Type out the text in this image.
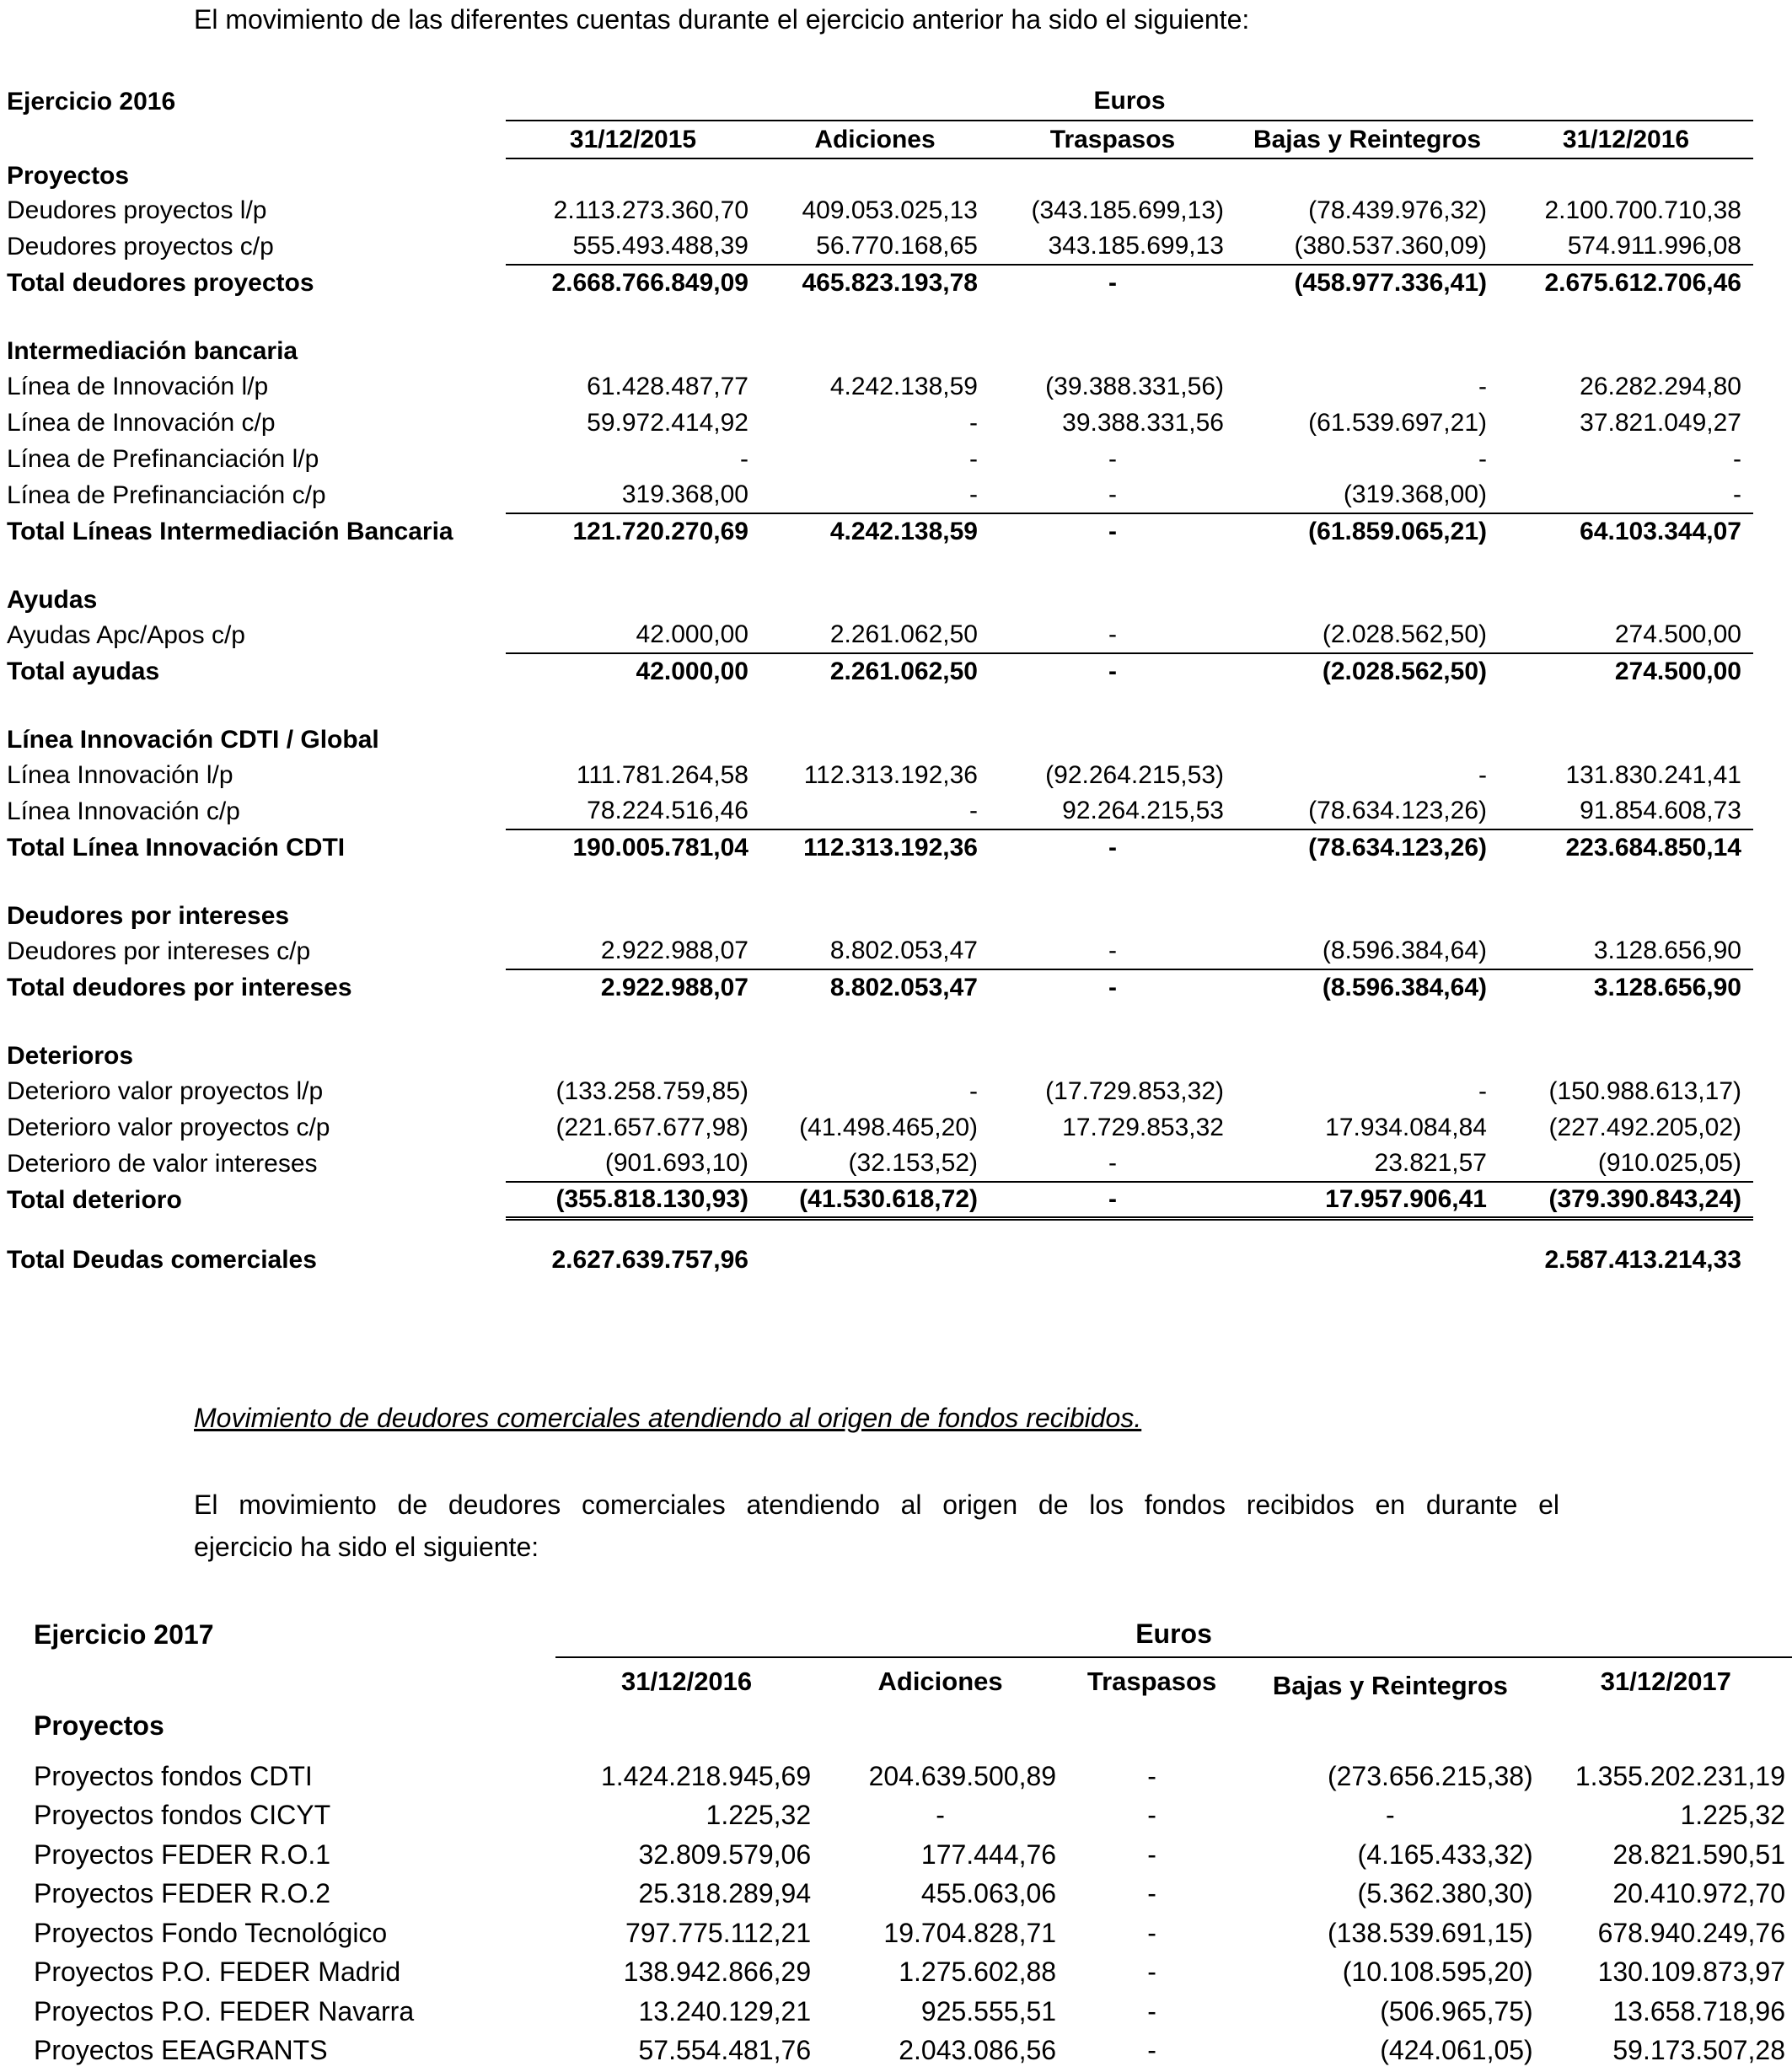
El movimiento de las diferentes cuentas durante el ejercicio anterior ha sido el siguiente:
Ejercicio 2016	Euros				
	31/12/2015	Adiciones	Traspasos	Bajas y Reintegros	31/12/2016
Proyectos					
Deudores proyectos l/p	2.113.273.360,70	409.053.025,13	(343.185.699,13)	(78.439.976,32)	2.100.700.710,38
Deudores proyectos c/p	555.493.488,39	56.770.168,65	343.185.699,13	(380.537.360,09)	574.911.996,08
Total deudores proyectos	2.668.766.849,09	465.823.193,78	-	(458.977.336,41)	2.675.612.706,46

Intermediación bancaria					
Línea de Innovación l/p	61.428.487,77	4.242.138,59	(39.388.331,56)	-	26.282.294,80
Línea de Innovación c/p	59.972.414,92	-	39.388.331,56	(61.539.697,21)	37.821.049,27
Línea de Prefinanciación l/p	-	-	-	-	-
Línea de Prefinanciación c/p	319.368,00	-	-	(319.368,00)	-
Total Líneas Intermediación Bancaria	121.720.270,69	4.242.138,59	-	(61.859.065,21)	64.103.344,07

Ayudas					
Ayudas Apc/Apos c/p	42.000,00	2.261.062,50	-	(2.028.562,50)	274.500,00
Total ayudas	42.000,00	2.261.062,50	-	(2.028.562,50)	274.500,00

Línea Innovación CDTI / Global					
Línea Innovación l/p	111.781.264,58	112.313.192,36	(92.264.215,53)	-	131.830.241,41
Línea Innovación c/p	78.224.516,46	-	92.264.215,53	(78.634.123,26)	91.854.608,73
Total Línea Innovación CDTI	190.005.781,04	112.313.192,36	-	(78.634.123,26)	223.684.850,14

Deudores por intereses					
Deudores por intereses c/p	2.922.988,07	8.802.053,47	-	(8.596.384,64)	3.128.656,90
Total deudores por intereses	2.922.988,07	8.802.053,47	-	(8.596.384,64)	3.128.656,90

Deterioros					
Deterioro valor proyectos l/p	(133.258.759,85)	-	(17.729.853,32)	-	(150.988.613,17)
Deterioro valor proyectos c/p	(221.657.677,98)	(41.498.465,20)	17.729.853,32	17.934.084,84	(227.492.205,02)
Deterioro de valor intereses	(901.693,10)	(32.153,52)	-	23.821,57	(910.025,05)
Total deterioro	(355.818.130,93)	(41.530.618,72)	-	17.957.906,41	(379.390.843,24)

Total Deudas comerciales	2.627.639.757,96				2.587.413.214,33
Movimiento de deudores comerciales atendiendo al origen de fondos recibidos.
El movimiento de deudores comerciales atendiendo al origen de los fondos recibidos en durante el
ejercicio ha sido el siguiente:
Ejercicio 2017	Euros				
	31/12/2016	Adiciones	Traspasos	Bajas y Reintegros	31/12/2017
Proyectos					

Proyectos fondos CDTI	1.424.218.945,69	204.639.500,89	-	(273.656.215,38)	1.355.202.231,19
Proyectos fondos CICYT	1.225,32	-	-	-	1.225,32
Proyectos FEDER R.O.1	32.809.579,06	177.444,76	-	(4.165.433,32)	28.821.590,51
Proyectos FEDER R.O.2	25.318.289,94	455.063,06	-	(5.362.380,30)	20.410.972,70
Proyectos Fondo Tecnológico	797.775.112,21	19.704.828,71	-	(138.539.691,15)	678.940.249,76
Proyectos P.O. FEDER Madrid	138.942.866,29	1.275.602,88	-	(10.108.595,20)	130.109.873,97
Proyectos P.O. FEDER Navarra	13.240.129,21	925.555,51	-	(506.965,75)	13.658.718,96
Proyectos EEAGRANTS	57.554.481,76	2.043.086,56	-	(424.061,05)	59.173.507,28
